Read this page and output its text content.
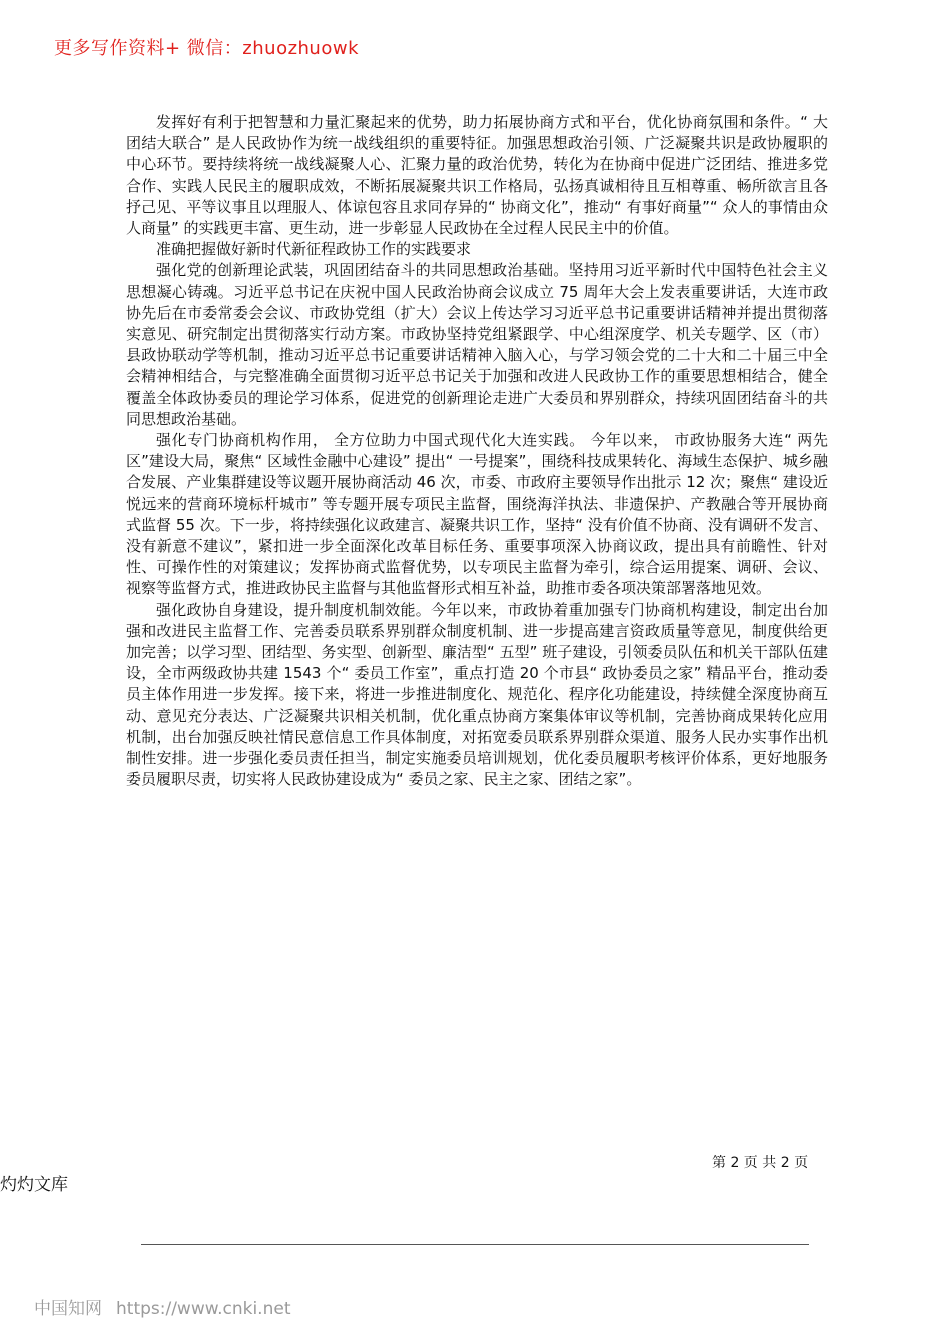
更多写作资料+ 微信：zhuozhuowk

发挥好有利于把智慧和力量汇聚起来的优势，助力拓展协商方式和平台，优化协商氛围和条件。“ 大团结大联合” 是人民政协作为统一战线组织的重要特征。加强思想政治引领、广泛凝聚共识是政协履职的中心环节。要持续将统一战线凝聚人心、汇聚力量的政治优势，转化为在协商中促进广泛团结、推进多党合作、实践人民民主的履职成效，不断拓展凝聚共识工作格局，弘扬真诚相待且互相尊重、畅所欲言且各抒己见、平等议事且以理服人、体谅包容且求同存异的“ 协商文化”，推动“ 有事好商量”“ 众人的事情由众人商量” 的实践更丰富、更生动，进一步彰显人民政协在全过程人民民主中的价值。

准确把握做好新时代新征程政协工作的实践要求

强化党的创新理论武装，巩固团结奋斗的共同思想政治基础。坚持用习近平新时代中国特色社会主义思想凝心铸魂。习近平总书记在庆祝中国人民政治协商会议成立 75 周年大会上发表重要讲话，大连市政协先后在市委常委会会议、市政协党组（扩大）会议上传达学习习近平总书记重要讲话精神并提出贯彻落实意见、研究制定出贯彻落实行动方案。市政协坚持党组紧跟学、中心组深度学、机关专题学、区（市）县政协联动学等机制，推动习近平总书记重要讲话精神入脑入心，与学习领会党的二十大和二十届三中全会精神相结合，与完整准确全面贯彻习近平总书记关于加强和改进人民政协工作的重要思想相结合，健全覆盖全体政协委员的理论学习体系，促进党的创新理论走进广大委员和界别群众，持续巩固团结奋斗的共同思想政治基础。

强化专门协商机构作用， 全方位助力中国式现代化大连实践。 今年以来， 市政协服务大连“ 两先区”建设大局，聚焦“ 区域性金融中心建设” 提出“ 一号提案”，围绕科技成果转化、海域生态保护、城乡融合发展、产业集群建设等议题开展协商活动 46 次，市委、市政府主要领导作出批示 12 次；聚焦“ 建设近悦远来的营商环境标杆城市” 等专题开展专项民主监督，围绕海洋执法、非遗保护、产教融合等开展协商式监督 55 次。下一步，将持续强化议政建言、凝聚共识工作，坚持“ 没有价值不协商、没有调研不发言、没有新意不建议”，紧扣进一步全面深化改革目标任务、重要事项深入协商议政，提出具有前瞻性、针对性、可操作性的对策建议；发挥协商式监督优势，以专项民主监督为牵引，综合运用提案、调研、会议、视察等监督方式，推进政协民主监督与其他监督形式相互补益，助推市委各项决策部署落地见效。

强化政协自身建设，提升制度机制效能。今年以来，市政协着重加强专门协商机构建设，制定出台加强和改进民主监督工作、完善委员联系界别群众制度机制、进一步提高建言资政质量等意见，制度供给更加完善；以学习型、团结型、务实型、创新型、廉洁型“ 五型” 班子建设，引领委员队伍和机关干部队伍建设，全市两级政协共建 1543 个“ 委员工作室”，重点打造 20 个市县“ 政协委员之家” 精品平台，推动委员主体作用进一步发挥。接下来，将进一步推进制度化、规范化、程序化功能建设，持续健全深度协商互动、意见充分表达、广泛凝聚共识相关机制，优化重点协商方案集体审议等机制，完善协商成果转化应用机制，出台加强反映社情民意信息工作具体制度，对拓宽委员联系界别群众渠道、服务人民办实事作出机制性安排。进一步强化委员责任担当，制定实施委员培训规划，优化委员履职考核评价体系，更好地服务委员履职尽责，切实将人民政协建设成为“ 委员之家、民主之家、团结之家”。

第 2 页 共 2 页
灼灼文库
中国知网 https://www.cnki.net
